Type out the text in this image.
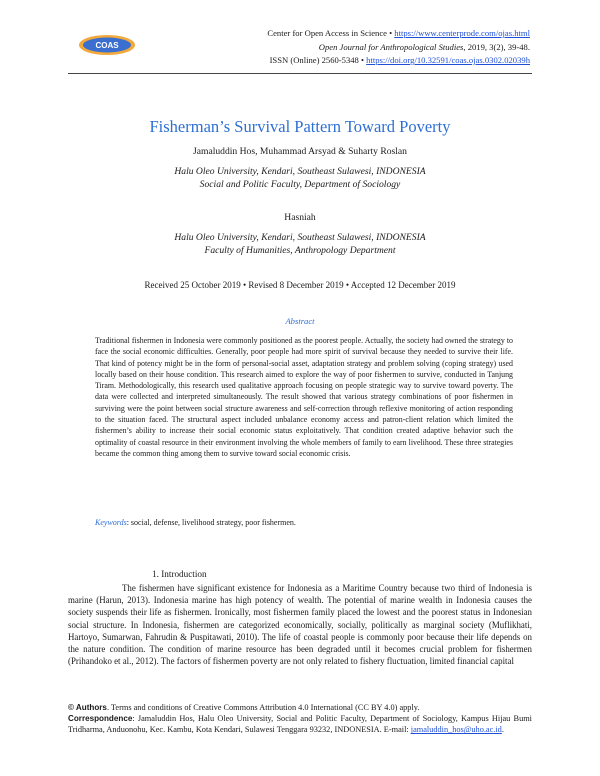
COAS
Center for Open Access in Science • https://www.centerprode.com/ojas.html
Open Journal for Anthropological Studies, 2019, 3(2), 39-48.
ISSN (Online) 2560-5348 • https://doi.org/10.32591/coas.ojas.0302.02039h
Fisherman’s Survival Pattern Toward Poverty
Jamaluddin Hos, Muhammad Arsyad & Suharty Roslan
Halu Oleo University, Kendari, Southeast Sulawesi, INDONESIA
Social and Politic Faculty, Department of Sociology
Hasniah
Halu Oleo University, Kendari, Southeast Sulawesi, INDONESIA
Faculty of Humanities, Anthropology Department
Received 25 October 2019 • Revised 8 December 2019 • Accepted 12 December 2019
Abstract
Traditional fishermen in Indonesia were commonly positioned as the poorest people. Actually, the society had owned the strategy to face the social economic difficulties. Generally, poor people had more spirit of survival because they needed to survive their life. That kind of potency might be in the form of personal-social asset, adaptation strategy and problem solving (coping strategy) used locally based on their house condition. This research aimed to explore the way of poor fishermen to survive, conducted in Tanjung Tiram. Methodologically, this research used qualitative approach focusing on people strategic way to survive toward poverty. The data were collected and interpreted simultaneously. The result showed that various strategy combinations of poor fishermen in surviving were the point between social structure awareness and self-correction through reflexive monitoring of action responding to the situation faced. The structural aspect included unbalance economy access and patron-client relation which limited the fishermen’s ability to increase their social economic status exploitatively. That condition created adaptive behavior such the optimality of coastal resource in their environment involving the whole members of family to earn livelihood. These three strategies became the common thing among them to survive toward social economic crisis.
Keywords: social, defense, livelihood strategy, poor fishermen.
1. Introduction
The fishermen have significant existence for Indonesia as a Maritime Country because two third of Indonesia is marine (Harun, 2013). Indonesia marine has high potency of wealth. The potential of marine wealth in Indonesia causes the society suspends their life as fishermen. Ironically, most fishermen family placed the lowest and the poorest status in Indonesian social structure. In Indonesia, fishermen are categorized economically, socially, politically as marginal society (Muflikhati, Hartoyo, Sumarwan, Fahrudin & Puspitawati, 2010). The life of coastal people is commonly poor because their life depends on the nature condition. The condition of marine resource has been degraded until it becomes crucial problem for fishermen (Prihandoko et al., 2012). The factors of fishermen poverty are not only related to fishery fluctuation, limited financial capital
© Authors. Terms and conditions of Creative Commons Attribution 4.0 International (CC BY 4.0) apply.
Correspondence: Jamaluddin Hos, Halu Oleo University, Social and Politic Faculty, Department of Sociology, Kampus Hijau Bumi Tridharma, Anduonohu, Kec. Kambu, Kota Kendari, Sulawesi Tenggara 93232, INDONESIA. E-mail: jamaluddin_hos@uho.ac.id.
